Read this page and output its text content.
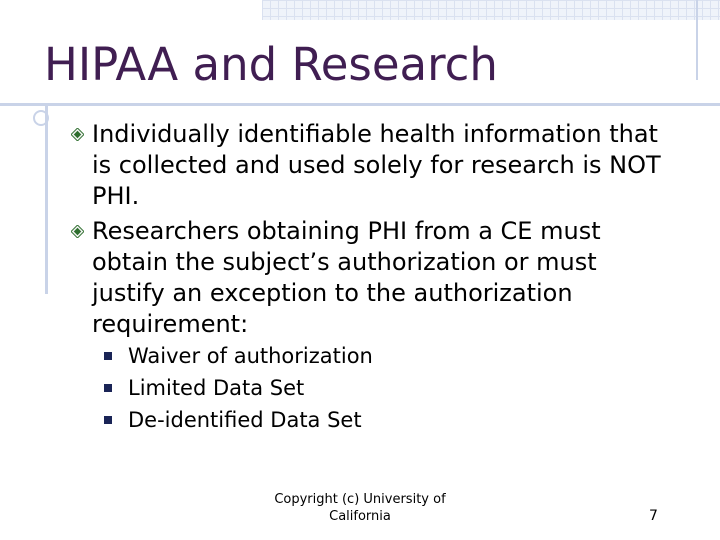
HIPAA and Research
Individually identifiable health information that is collected and used solely for research is NOT PHI.
Researchers obtaining PHI from a CE must obtain the subject’s authorization or must justify an exception to the authorization requirement:
Waiver of authorization
Limited Data Set
De-identified Data Set
Copyright (c) University of California	7
